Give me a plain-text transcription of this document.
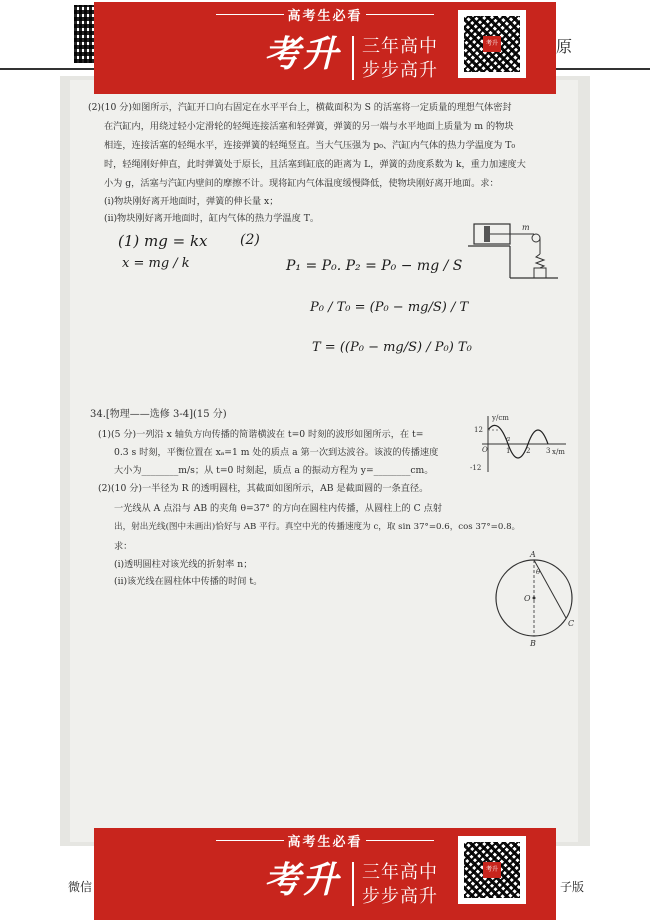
原
(2)(10 分)如图所示，汽缸开口向右固定在水平平台上，横截面积为 S 的活塞将一定质量的理想气体密封
在汽缸内，用绕过轻小定滑轮的轻绳连接活塞和轻弹簧，弹簧的另一端与水平地面上质量为 m 的物块
相连，连接活塞的轻绳水平，连接弹簧的轻绳竖直。当大气压强为 p₀、汽缸内气体的热力学温度为 T₀
时，轻绳刚好伸直，此时弹簧处于原长，且活塞到缸底的距离为 L，弹簧的劲度系数为 k，重力加速度大
小为 g，活塞与汽缸内壁间的摩擦不计。现将缸内气体温度缓慢降低，使物块刚好离开地面。求：
(ⅰ)物块刚好离开地面时，弹簧的伸长量 x；
(ⅱ)物块刚好离开地面时，缸内气体的热力学温度 T。
m
(1) mg = kx
x = mg / k
(2)
P₁ = P₀. P₂ = P₀ − mg / S
P₀ / T₀ = (P₀ − mg/S) / T
T = ((P₀ − mg/S) / P₀) T₀
34.[物理——选修 3-4](15 分)
(1)(5 分)一列沿 x 轴负方向传播的简谐横波在 t=0 时刻的波形如图所示，在 t=
0.3 s 时刻，平衡位置在 xₐ=1 m 处的质点 a 第一次到达波谷。该波的传播速度
大小为________m/s；从 t=0 时刻起，质点 a 的振动方程为 y=________cm。
(2)(10 分)一半径为 R 的透明圆柱，其截面如图所示，AB 是截面圆的一条直径。
一光线从 A 点沿与 AB 的夹角 θ=37° 的方向在圆柱内传播，从圆柱上的 C 点射
出，射出光线(图中未画出)恰好与 AB 平行。真空中光的传播速度为 c，取 sin 37°=0.6，cos 37°=0.8。
求：
(ⅰ)透明圆柱对该光线的折射率 n；
(ⅱ)该光线在圆柱体中传播的时间 t。
y/cm
x/m
12
-12
O
a
1 2 3
A
B
C
O
θ
高考生必看
考升 三年高中
步步高升
考升
高考生必看
考升 三年高中
步步高升
考升
微信	子版
